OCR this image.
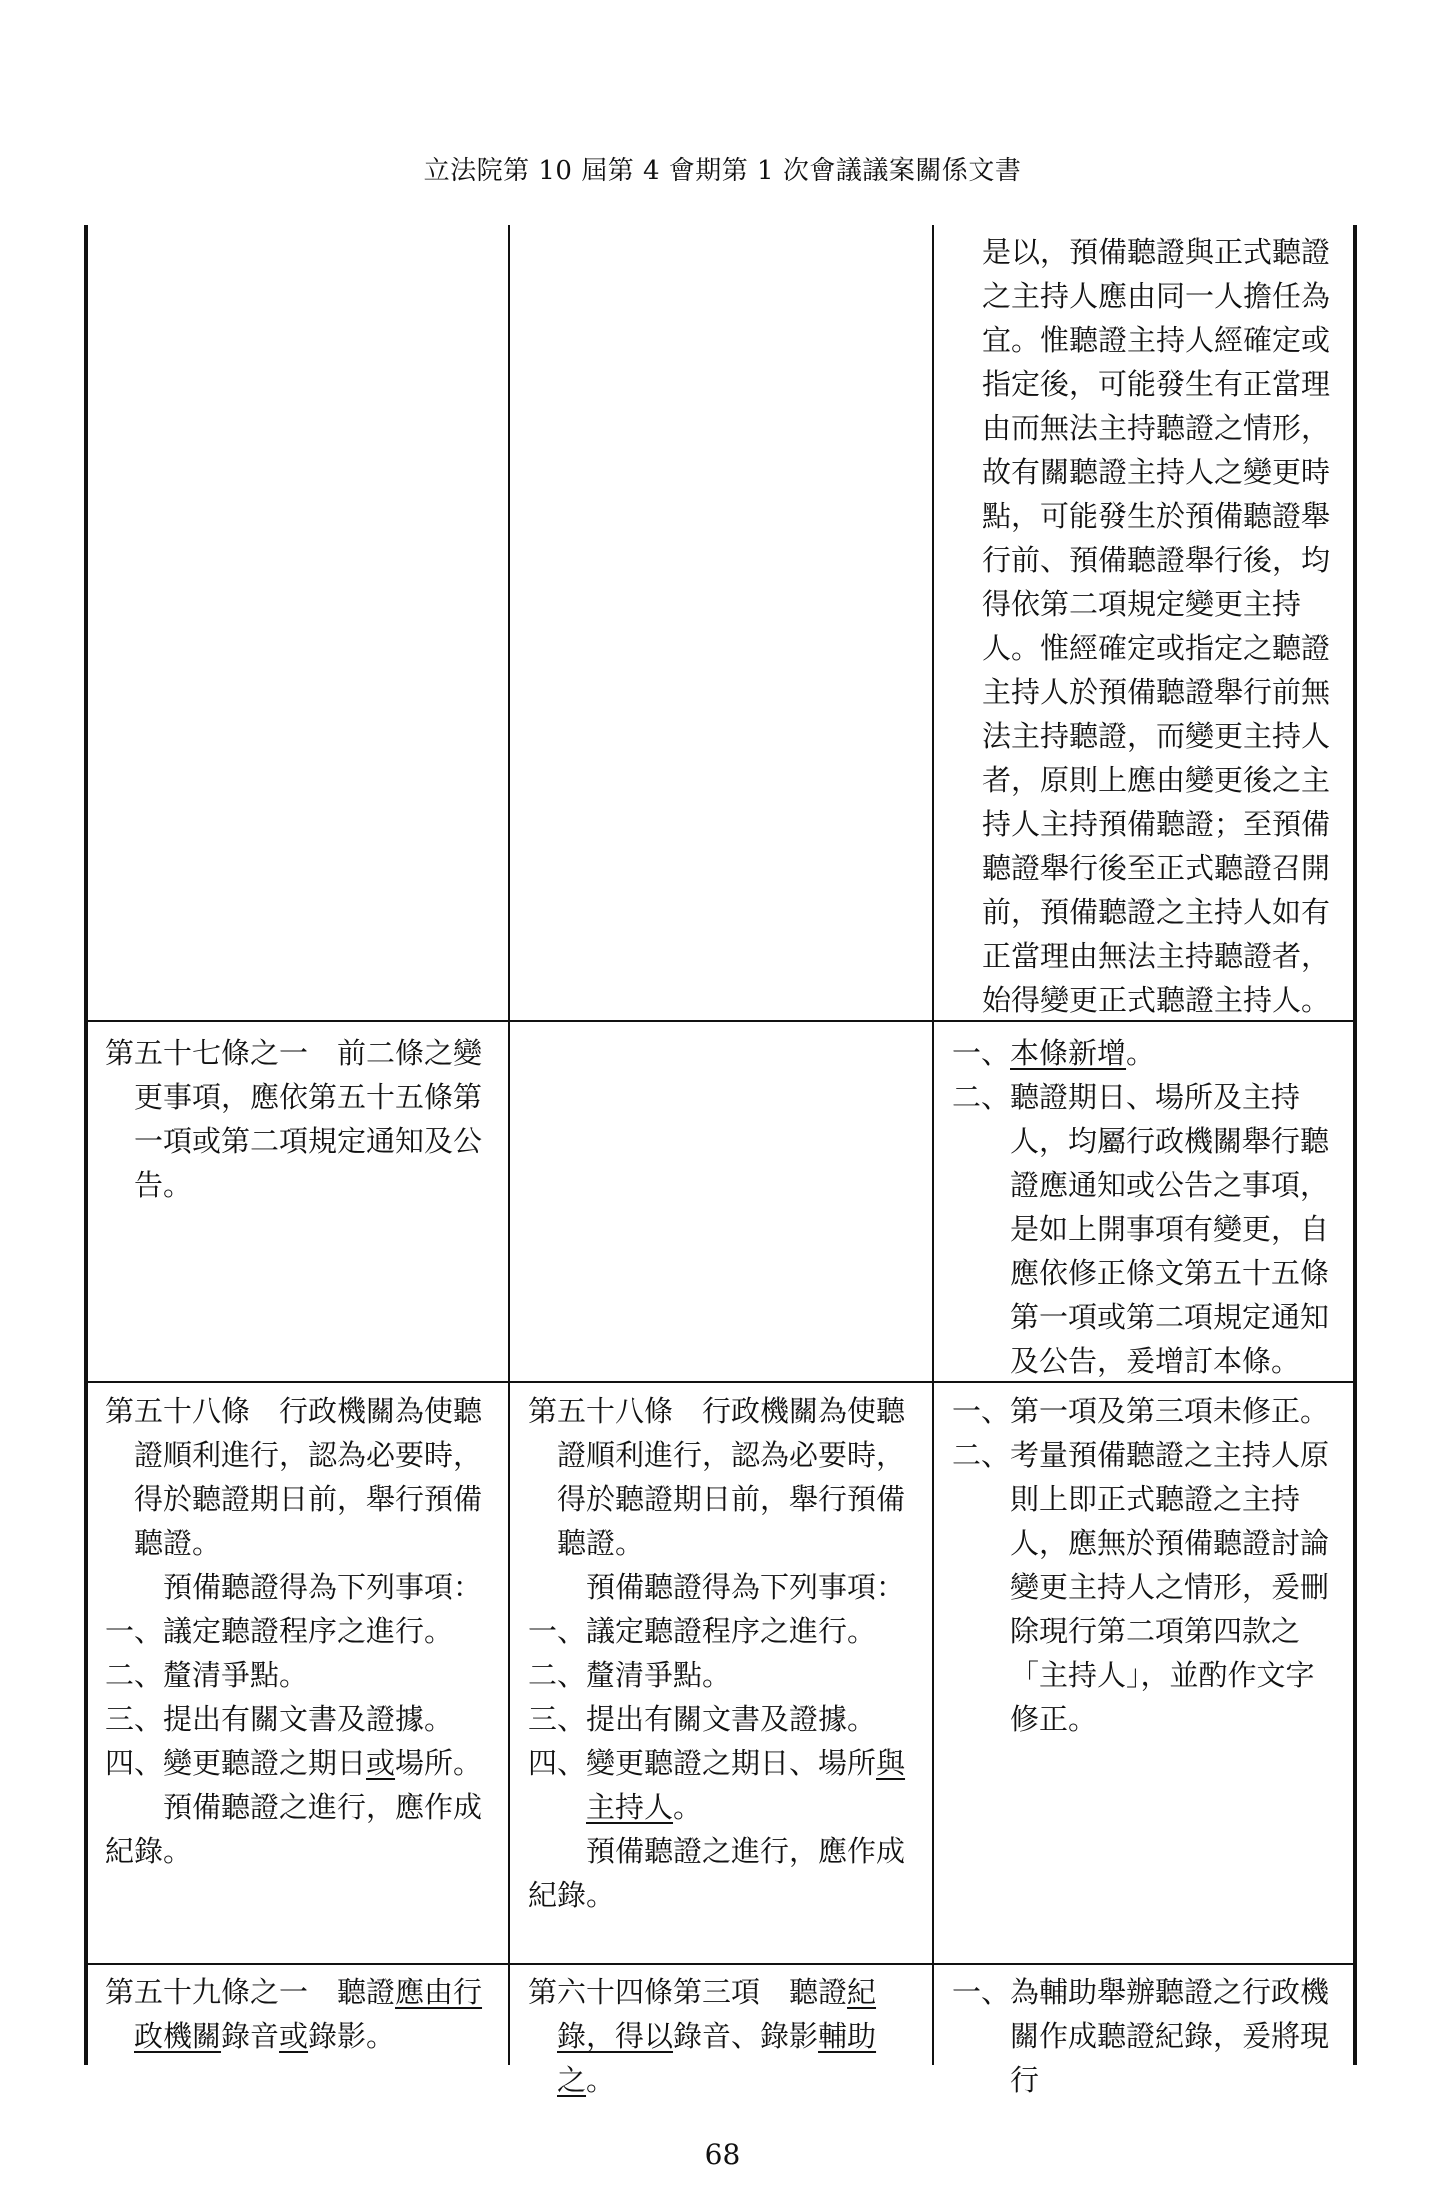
立法院第 10 屆第 4 會期第 1 次會議議案關係文書

是以，預備聽證與正式聽證之主持人應由同一人擔任為宜。惟聽證主持人經確定或指定後，可能發生有正當理由而無法主持聽證之情形，故有關聽證主持人之變更時點，可能發生於預備聽證舉行前、預備聽證舉行後，均得依第二項規定變更主持人。惟經確定或指定之聽證主持人於預備聽證舉行前無法主持聽證，而變更主持人者，原則上應由變更後之主持人主持預備聽證；至預備聽證舉行後至正式聽證召開前，預備聽證之主持人如有正當理由無法主持聽證者，始得變更正式聽證主持人。

第五十七條之一　前二條之變更事項，應依第五十五條第一項或第二項規定通知及公告。

一、本條新增。

二、聽證期日、場所及主持人，均屬行政機關舉行聽證應通知或公告之事項，是如上開事項有變更，自應依修正條文第五十五條第一項或第二項規定通知及公告，爰增訂本條。

第五十八條　行政機關為使聽證順利進行，認為必要時，得於聽證期日前，舉行預備聽證。

預備聽證得為下列事項：

一、議定聽證程序之進行。

二、釐清爭點。

三、提出有關文書及證據。

四、變更聽證之期日或場所。

預備聽證之進行，應作成紀錄。

第五十八條　行政機關為使聽證順利進行，認為必要時，得於聽證期日前，舉行預備聽證。

預備聽證得為下列事項：

一、議定聽證程序之進行。

二、釐清爭點。

三、提出有關文書及證據。

四、變更聽證之期日、場所與主持人。

預備聽證之進行，應作成紀錄。

一、第一項及第三項未修正。

二、考量預備聽證之主持人原則上即正式聽證之主持人，應無於預備聽證討論變更主持人之情形，爰刪除現行第二項第四款之「主持人」，並酌作文字修正。

第五十九條之一　聽證應由行政機關錄音或錄影。

第六十四條第三項　聽證紀錄，得以錄音、錄影輔助之。

一、為輔助舉辦聽證之行政機關作成聽證紀錄，爰將現行

68
